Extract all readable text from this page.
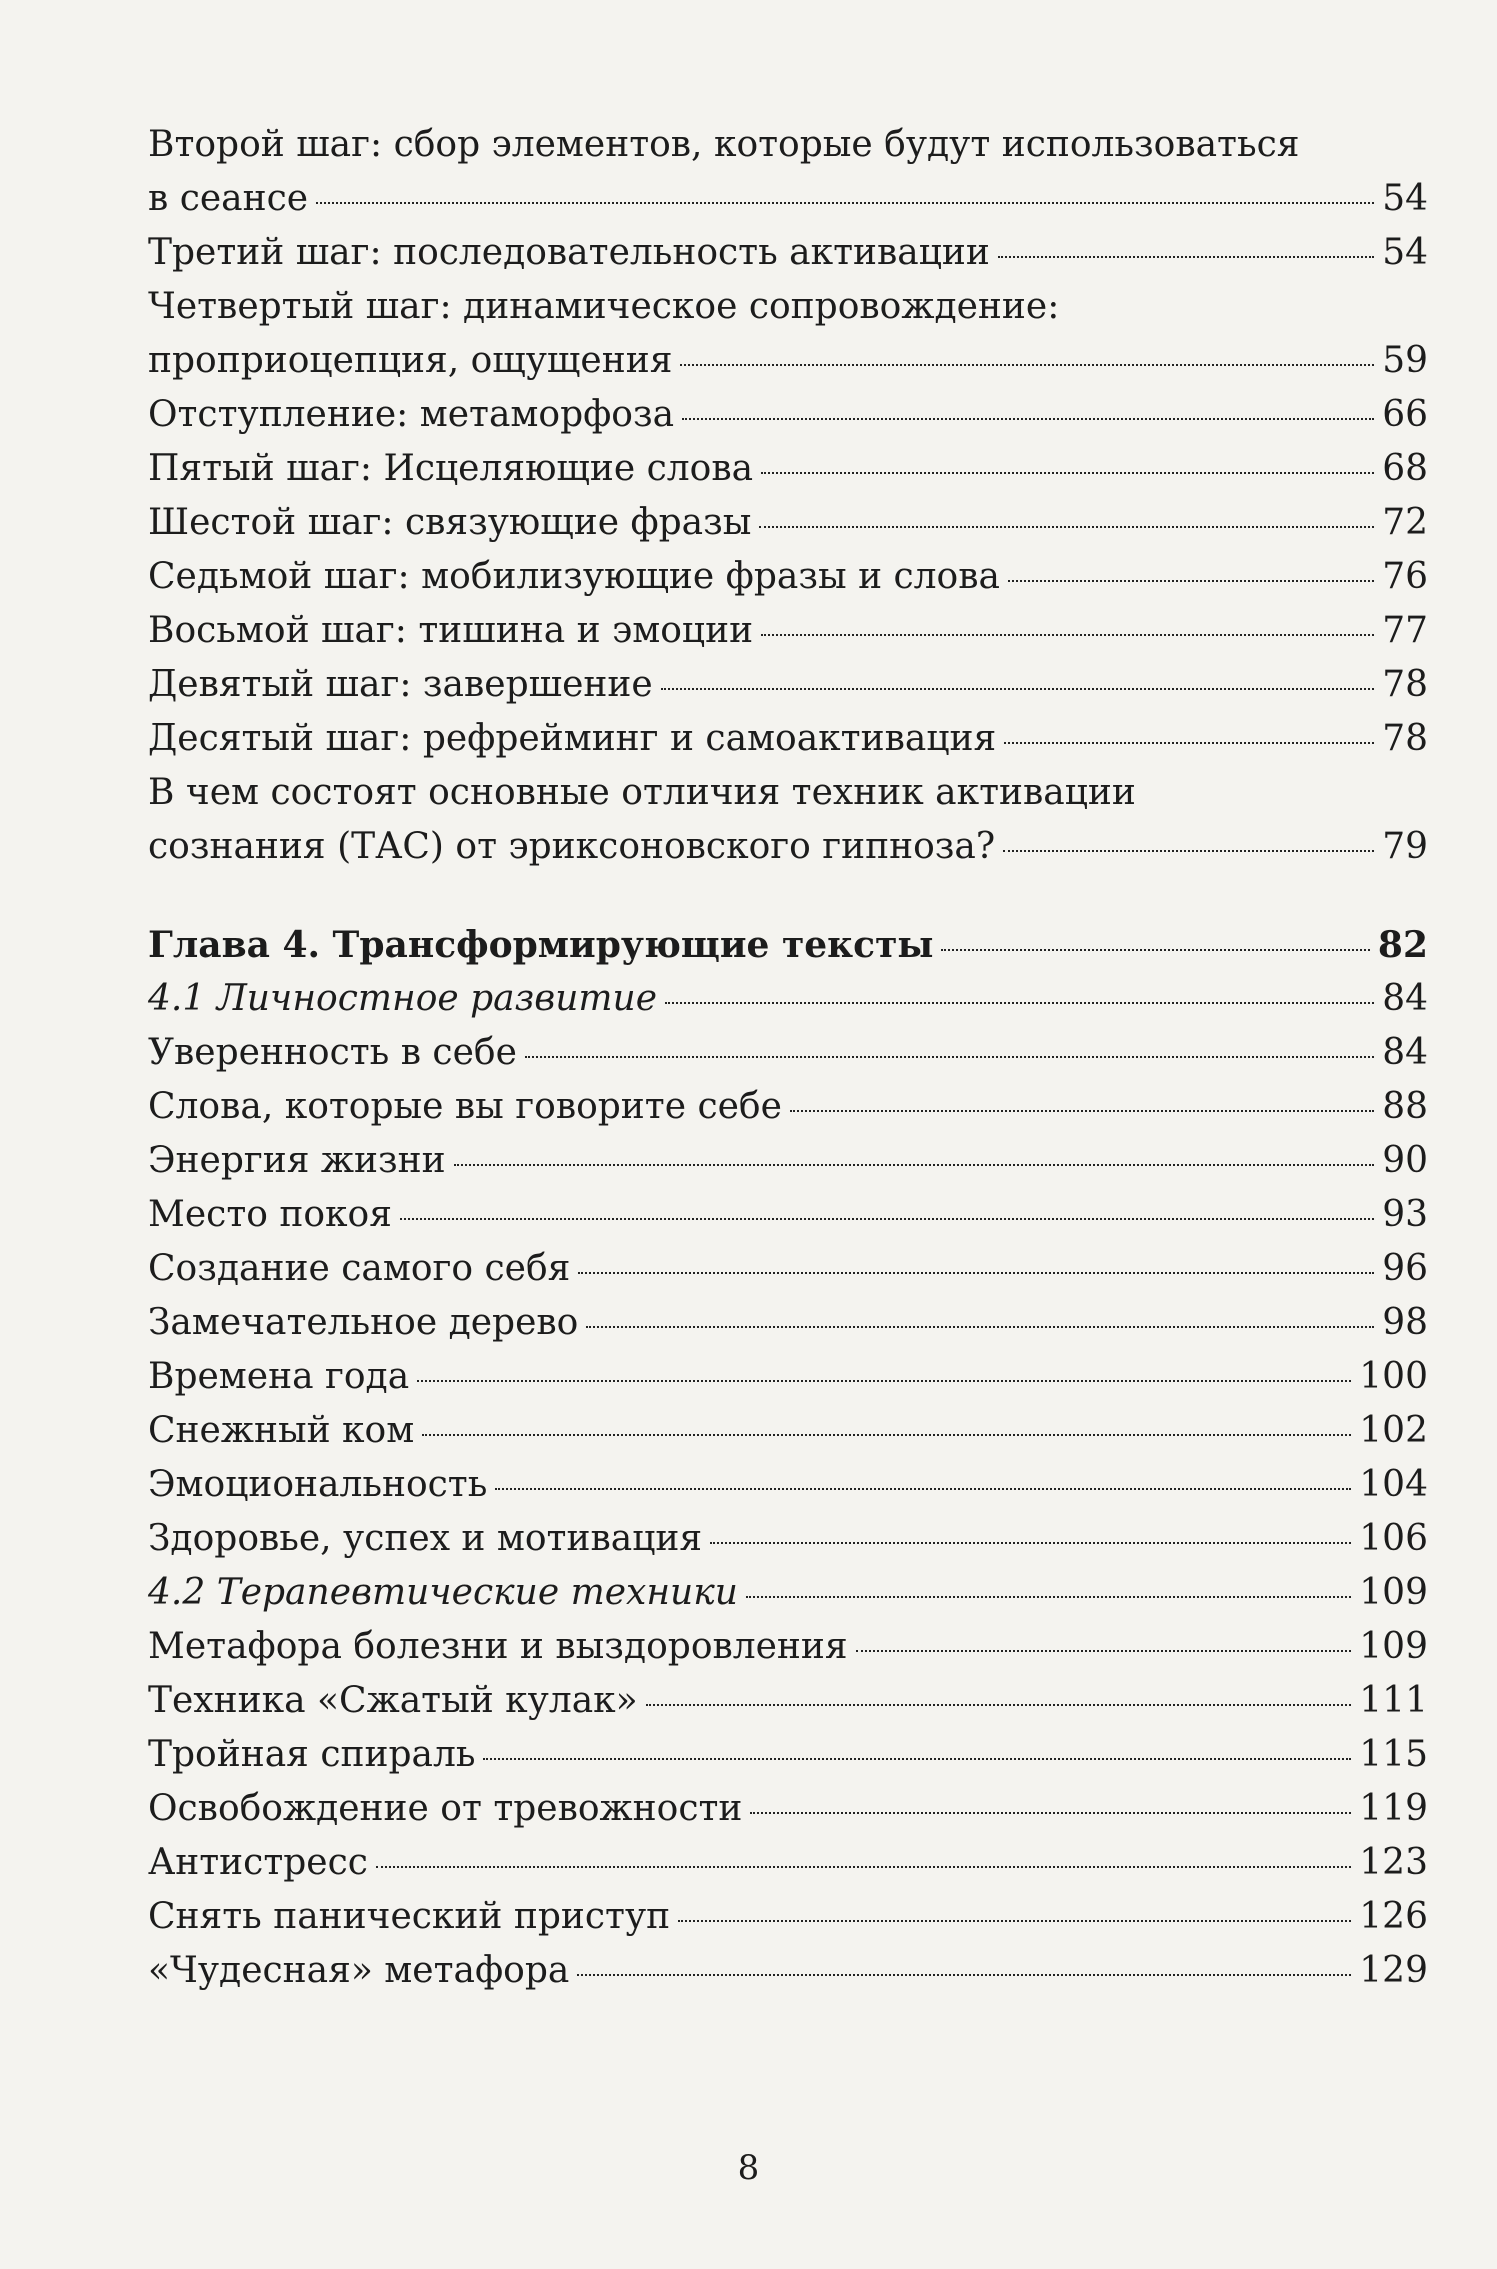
Второй шаг: сбор элементов, которые будут использоваться
в сеансе	54
Третий шаг: последовательность активации	54
Четвертый шаг: динамическое сопровождение:
проприоцепция, ощущения	59
Отступление: метаморфоза	66
Пятый шаг: Исцеляющие слова	68
Шестой шаг: связующие фразы	72
Седьмой шаг: мобилизующие фразы и слова	76
Восьмой шаг: тишина и эмоции	77
Девятый шаг: завершение	78
Десятый шаг: рефрейминг и самоактивация	78
В чем состоят основные отличия техник активации
сознания (ТАС) от эриксоновского гипноза?	79
Глава 4. Трансформирующие тексты	82
4.1 Личностное развитие	84
Уверенность в себе	84
Слова, которые вы говорите себе	88
Энергия жизни	90
Место покоя	93
Создание самого себя	96
Замечательное дерево	98
Времена года	100
Снежный ком	102
Эмоциональность	104
Здоровье, успех и мотивация	106
4.2 Терапевтические техники	109
Метафора болезни и выздоровления	109
Техника «Сжатый кулак»	111
Тройная спираль	115
Освобождение от тревожности	119
Антистресс	123
Снять панический приступ	126
«Чудесная» метафора	129
8
